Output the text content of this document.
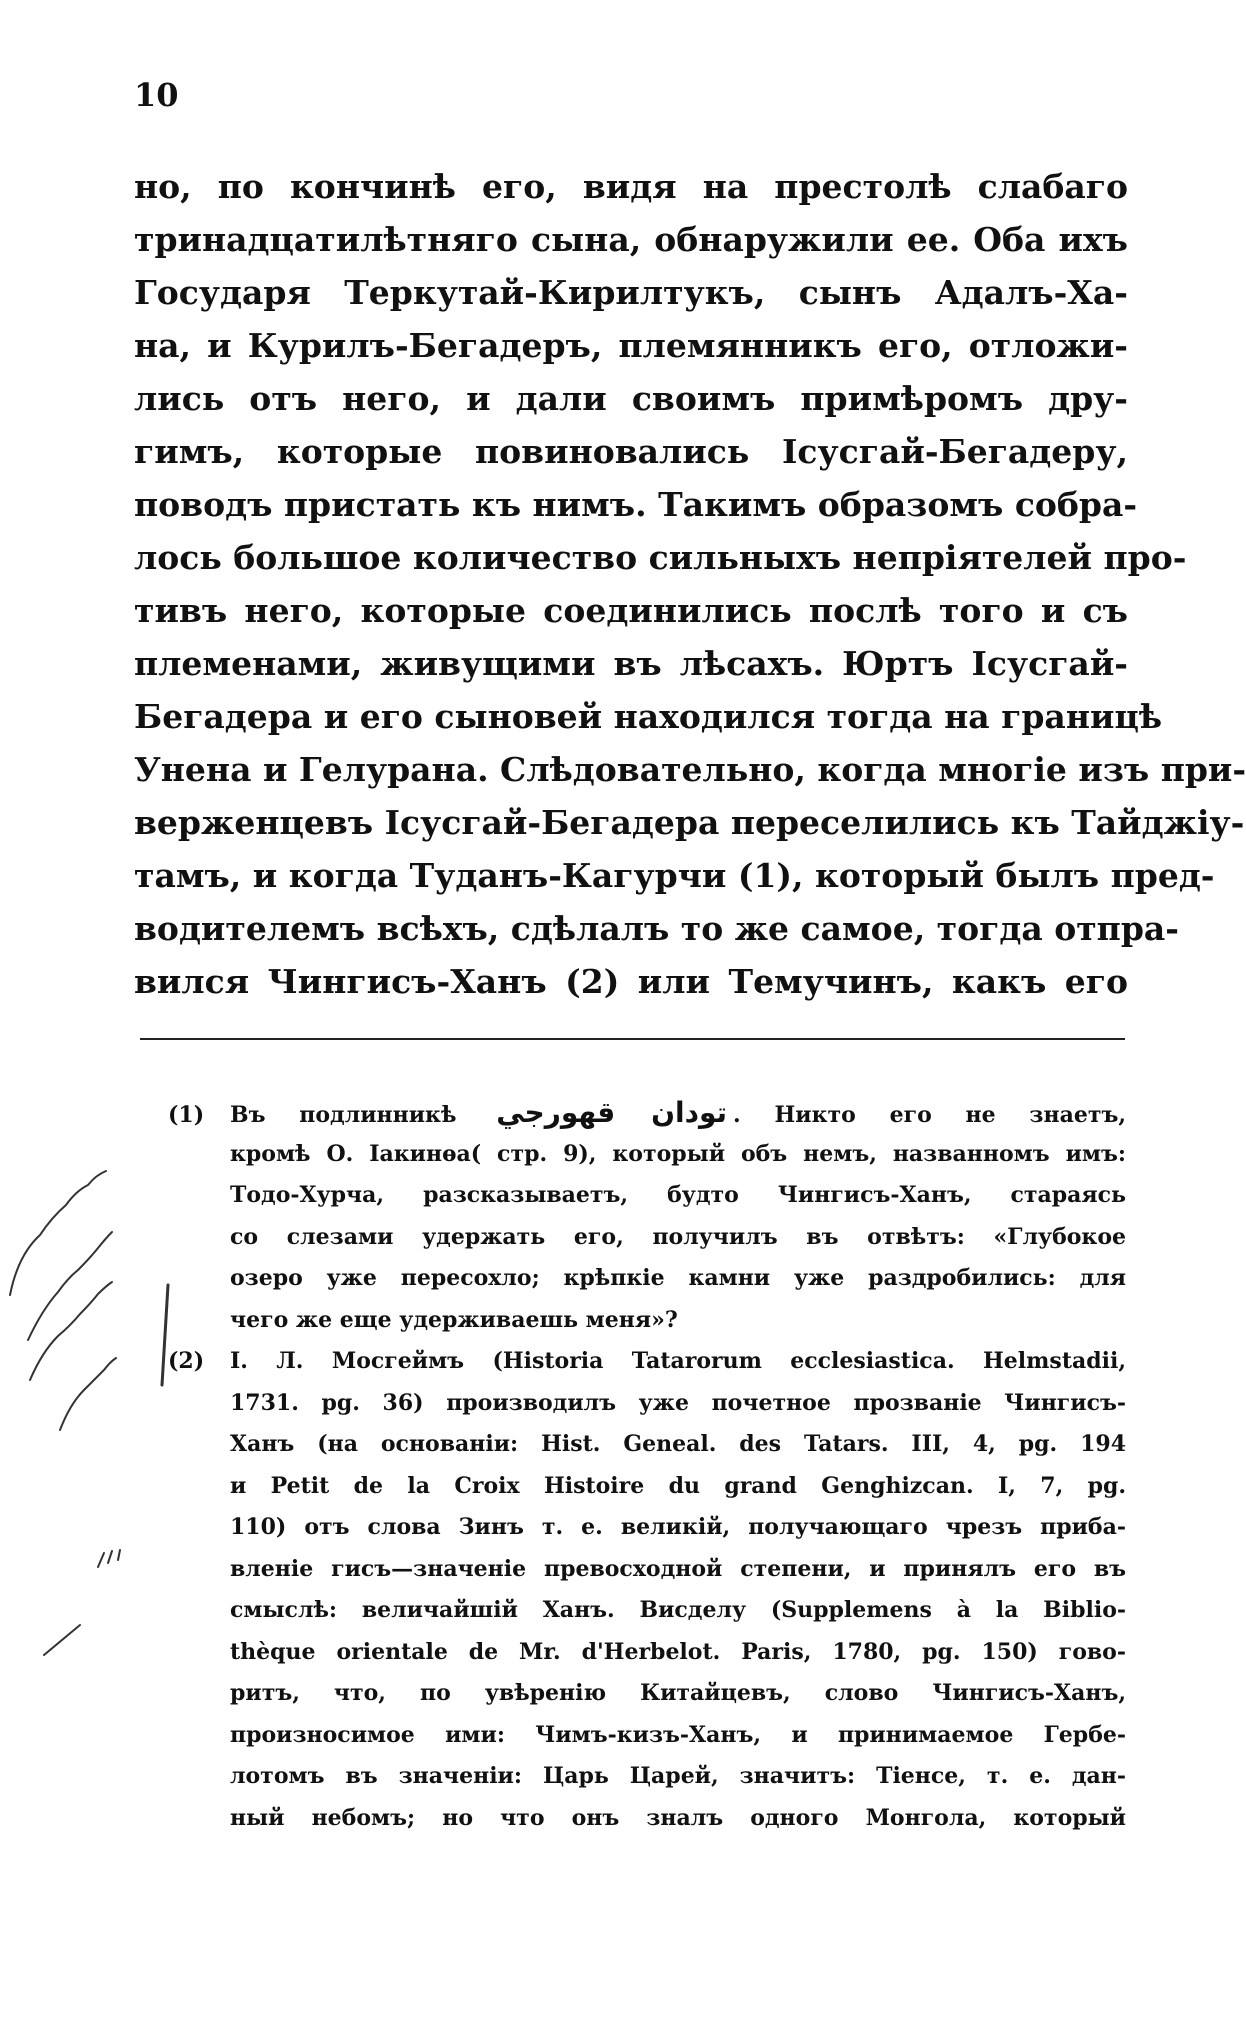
10
но, по кончинѣ его, видя на престолѣ слабаго
тринадцатилѣтняго сына, обнаружили ее. Оба ихъ
Государя Теркутай-Кирилтукъ, сынъ Адалъ-Ха-
на, и Курилъ-Бегадеръ, племянникъ его, отложи-
лись отъ него, и дали своимъ примѣромъ дру-
гимъ, которые повиновались Ісусгай-Бегадеру,
поводъ пристать къ нимъ. Такимъ образомъ собра-
лось большое количество сильныхъ непріятелей про-
тивъ него, которые соединились послѣ того и съ
племенами, живущими въ лѣсахъ. Юртъ Ісусгай-
Бегадера и его сыновей находился тогда на границѣ
Унена и Гелурана. Слѣдовательно, когда многіе изъ при-
верженцевъ Ісусгай-Бегадера переселились къ Тайджіу-
тамъ, и когда Туданъ-Кагурчи (1), который былъ пред-
водителемъ всѣхъ, сдѣлалъ то же самое, тогда отпра-
вился Чингисъ-Ханъ (2) или Темучинъ, какъ его
(1) Въ подлинникѣ تودان قهورجي . Никто его не знаетъ,
кромѣ О. Іакинѳа( стр. 9), который объ немъ, названномъ имъ:
Тодо-Хурча, разсказываетъ, будто Чингисъ-Ханъ, стараясь
со слезами удержать его, получилъ въ отвѣтъ: «Глубокое
озеро уже пересохло; крѣпкіе камни уже раздробились: для
чего же еще удерживаешь меня»?
(2) I. Л. Мосгеймъ (Historia Tatarorum ecclesiastica. Helmstadii,
1731. pg. 36) производилъ уже почетное прозваніе Чингисъ-
Ханъ (на основаніи: Hist. Geneal. des Tatars. III, 4, pg. 194
и Petit de la Croix Histoire du grand Genghizcan. I, 7, pg.
110) отъ слова Зинъ т. е. великій, получающаго чрезъ прибa-
вленіе гисъ—значеніе превосходной степени, и принялъ его въ
смыслѣ: величайшій Ханъ. Висделу (Supplemens à la Biblio-
thèque orientale de Mr. d'Herbelot. Paris, 1780, pg. 150) гово-
ритъ, что, по увѣренію Китайцевъ, слово Чингисъ-Ханъ,
произносимое ими: Чимъ-кизъ-Ханъ, и принимаемое Гербе-
лотомъ въ значеніи: Царь Царей, значитъ: Тiенсе, т. е. дан-
ный небомъ; но что онъ зналъ одного Монгола, который
